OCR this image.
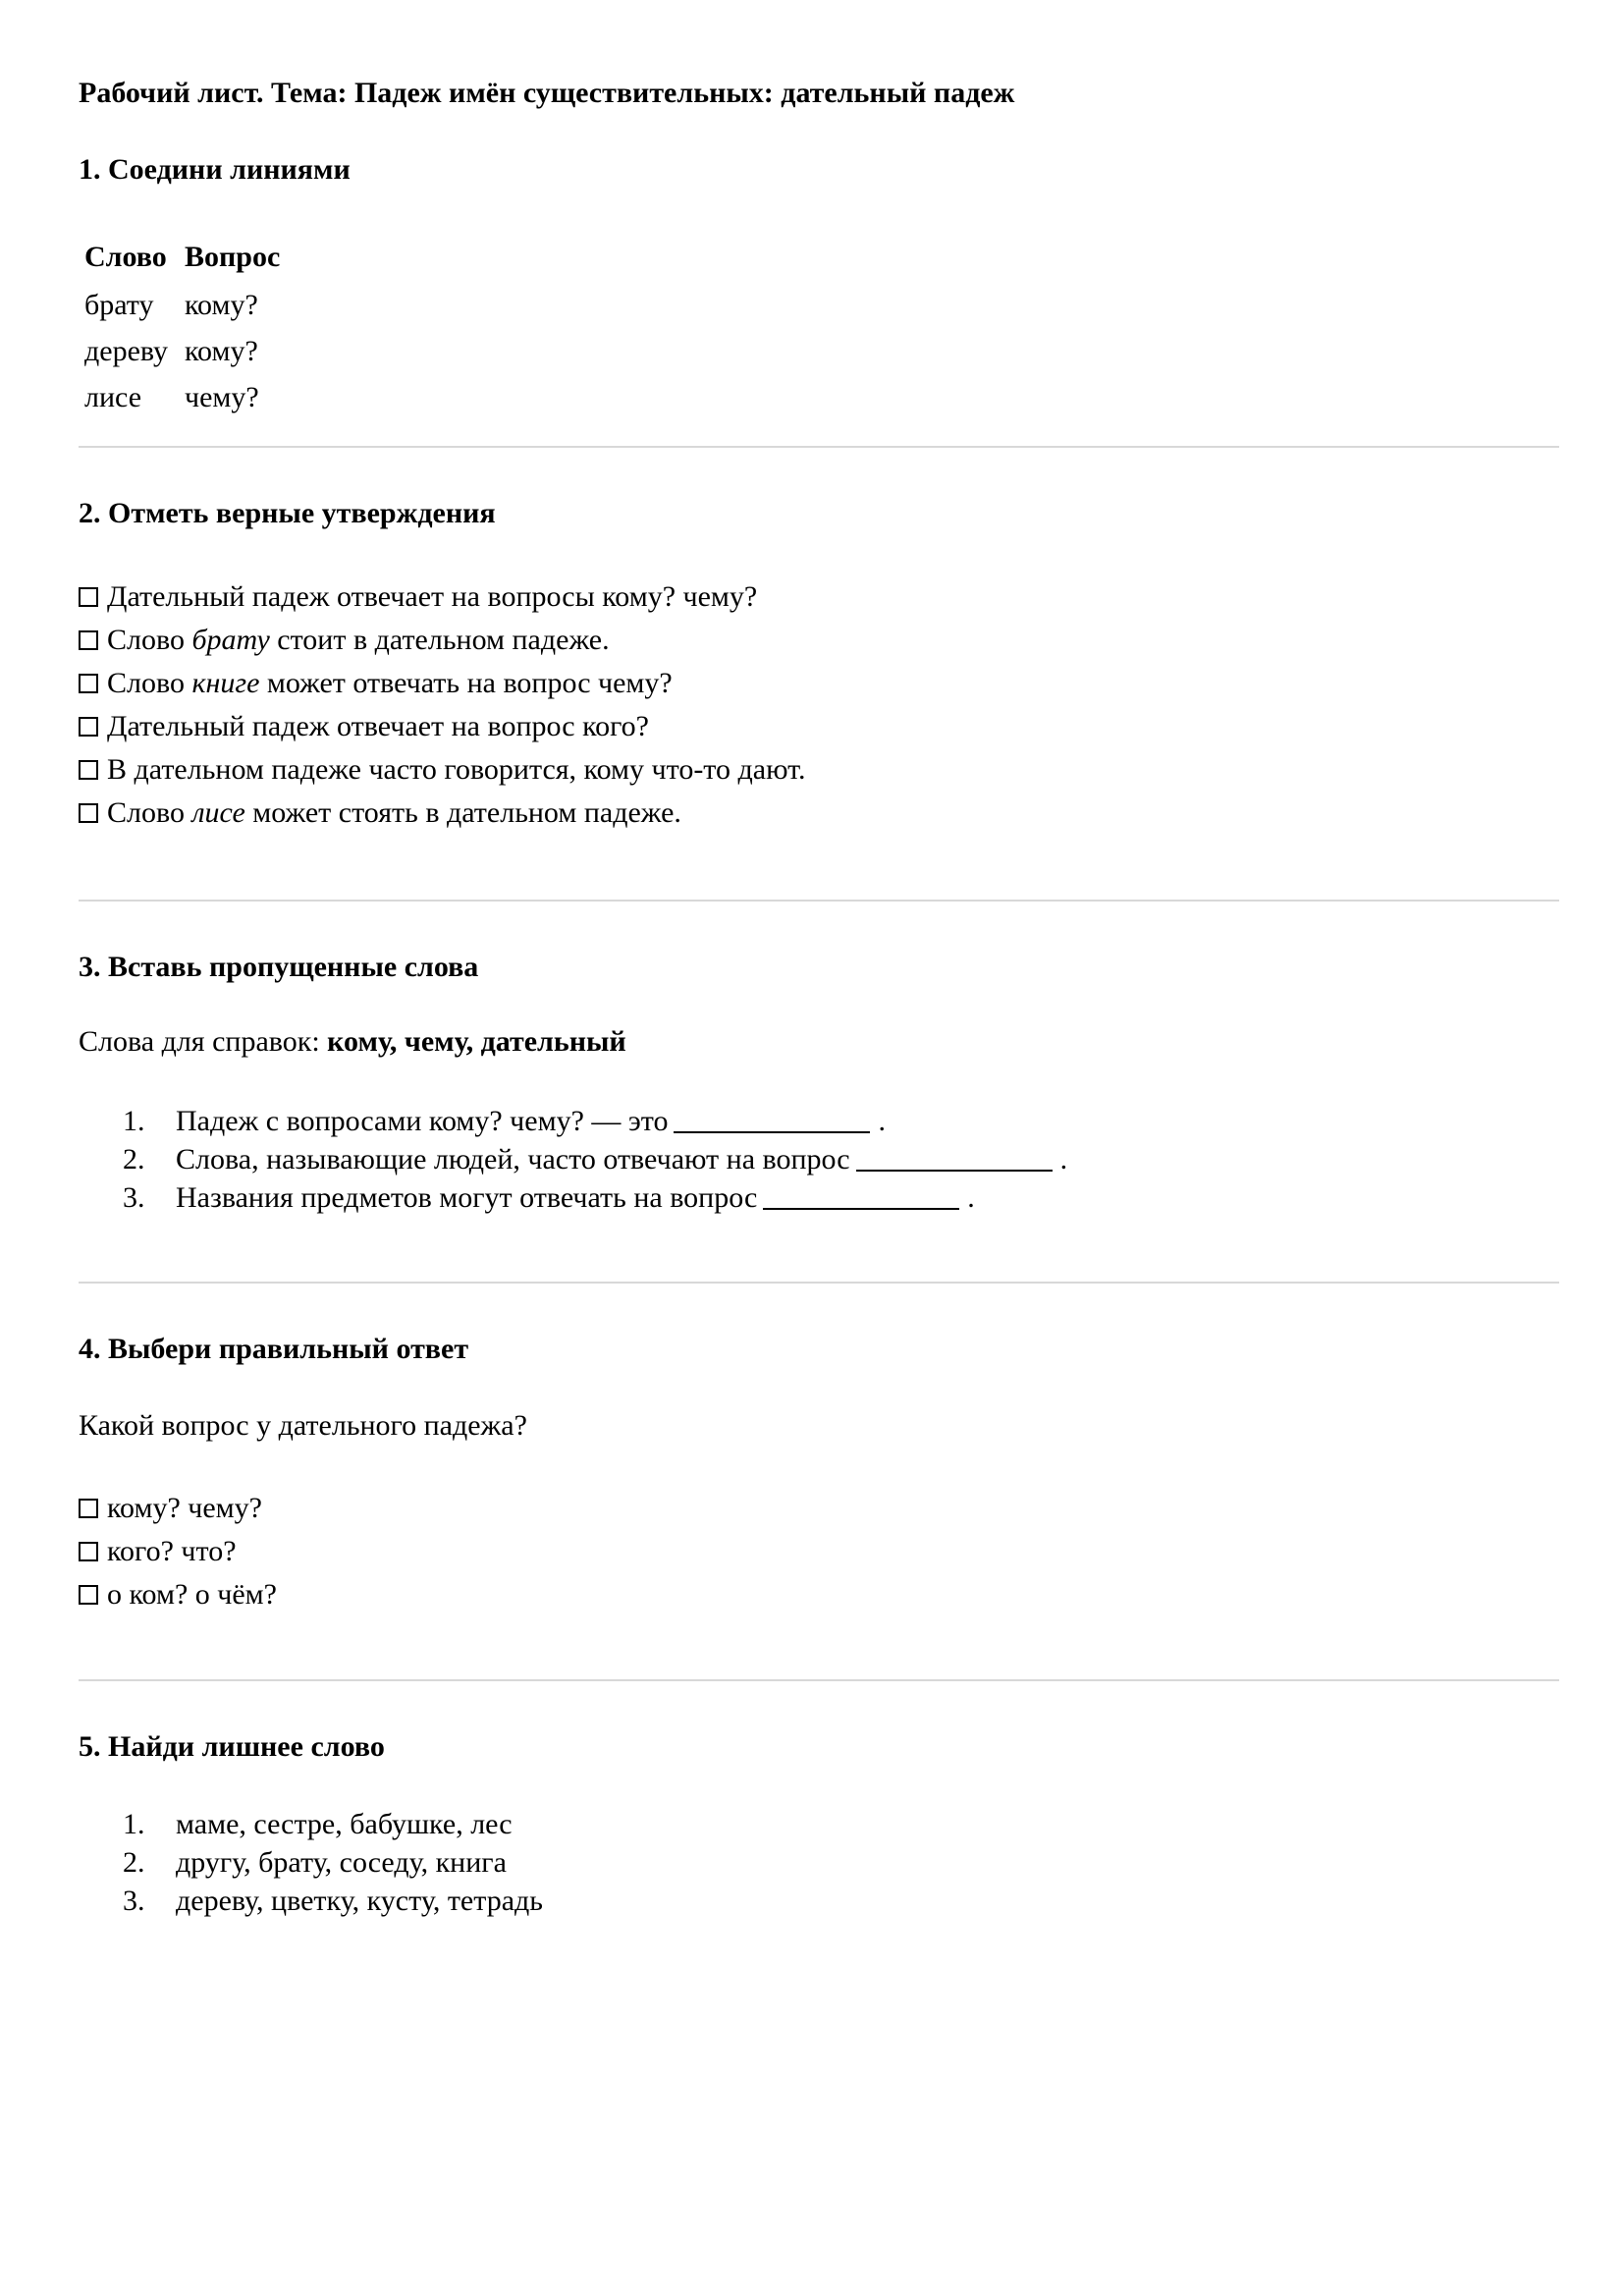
Рабочий лист. Тема: Падеж имён существительных: дательный падеж
1. Соедини линиями
Слово	Вопрос
брату	кому?
дереву	кому?
лисе	чему?
2. Отметь верные утверждения
Дательный падеж отвечает на вопросы кому? чему?
Слово брату стоит в дательном падеже.
Слово книге может отвечать на вопрос чему?
Дательный падеж отвечает на вопрос кого?
В дательном падеже часто говорится, кому что-то дают.
Слово лисе может стоять в дательном падеже.
3. Вставь пропущенные слова
Слова для справок: кому, чему, дательный
1. Падеж с вопросами кому? чему? — это	.
2. Слова, называющие людей, часто отвечают на вопрос	.
3. Названия предметов могут отвечать на вопрос	.
4. Выбери правильный ответ
Какой вопрос у дательного падежа?
кому? чему?
кого? что?
о ком? о чём?
5. Найди лишнее слово
1. маме, сестре, бабушке, лес
2. другу, брату, соседу, книга
3. дереву, цветку, кусту, тетрадь
